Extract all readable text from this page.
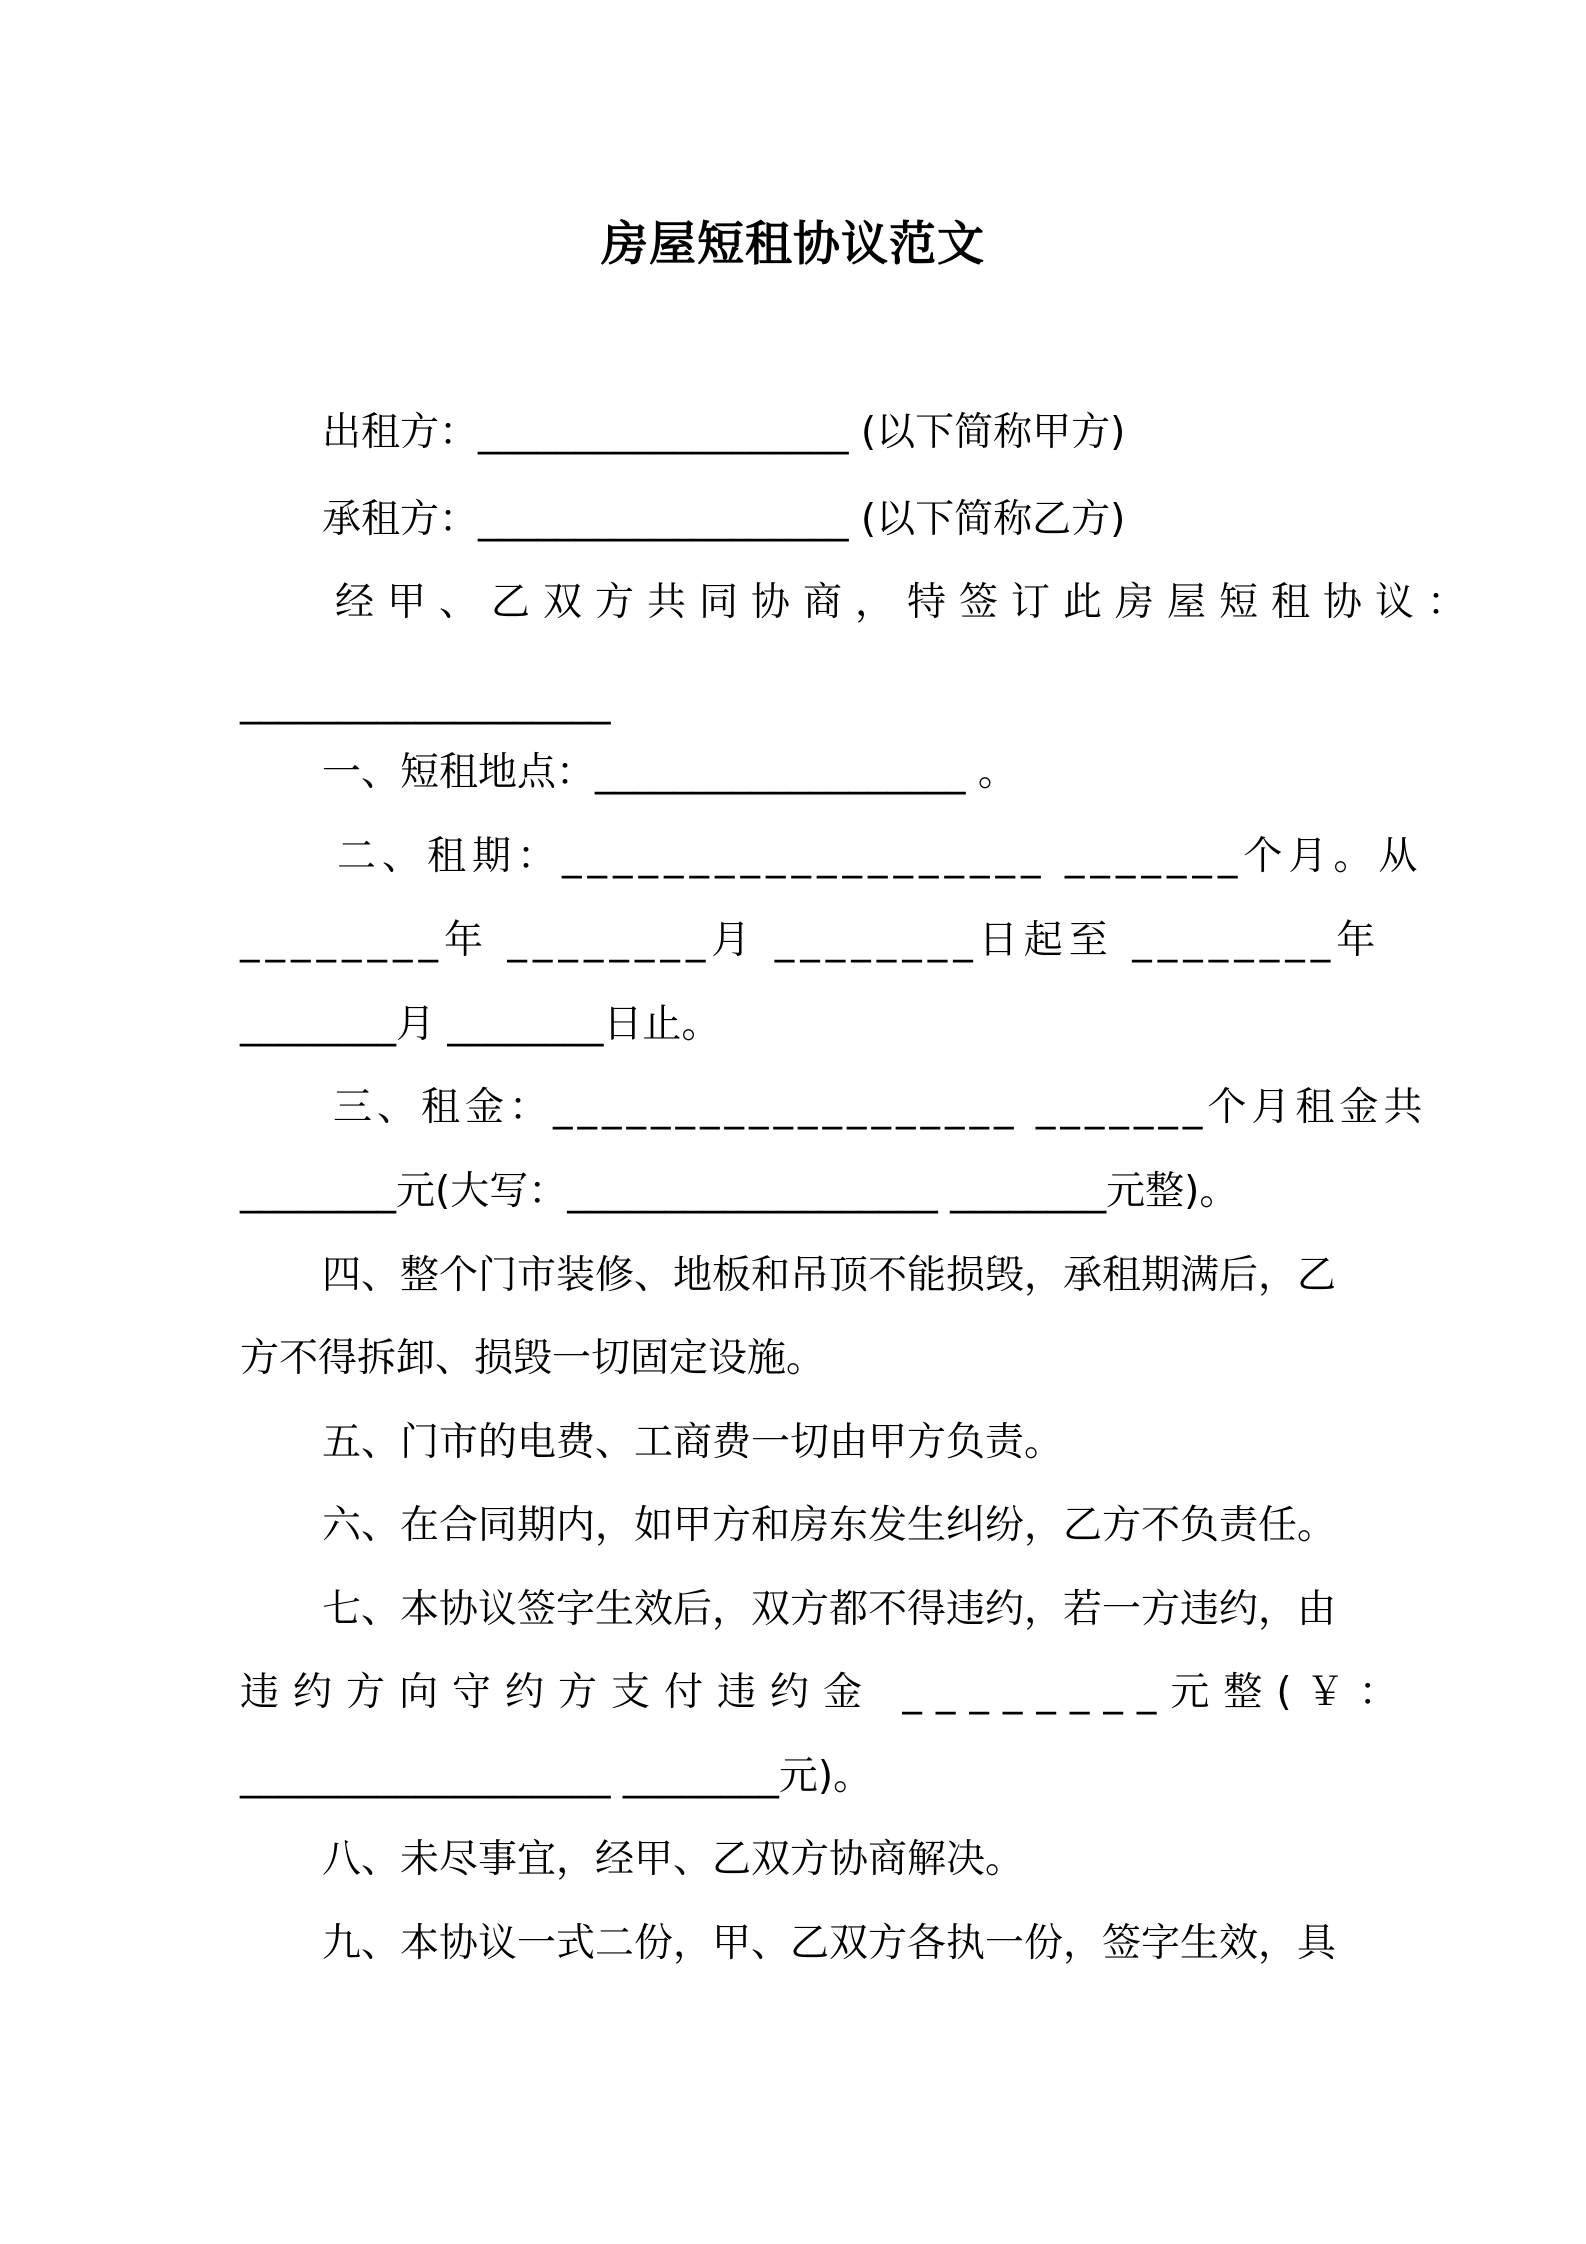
房屋短租协议范文
出租方：___________________ (以下简称甲方)
承租方：___________________ (以下简称乙方)
经甲、乙双方共同协商，特签订此房屋短租协议：
___________________
一、短租地点：___________________ 。
二、租期：___________________ _______个月。从
________年 ________月 ________日起至 ________年
________月 ________日止。
三、租金：___________________ _______个月租金共
________元(大写：___________________ ________元整)。
四、整个门市装修、地板和吊顶不能损毁，承租期满后，乙
方不得拆卸、损毁一切固定设施。
五、门市的电费、工商费一切由甲方负责。
六、在合同期内，如甲方和房东发生纠纷，乙方不负责任。
七、本协议签字生效后，双方都不得违约，若一方违约，由
违约方向守约方支付违约金 ________元整(￥：
___________________ ________元)。
八、未尽事宜，经甲、乙双方协商解决。
九、本协议一式二份，甲、乙双方各执一份，签字生效，具
